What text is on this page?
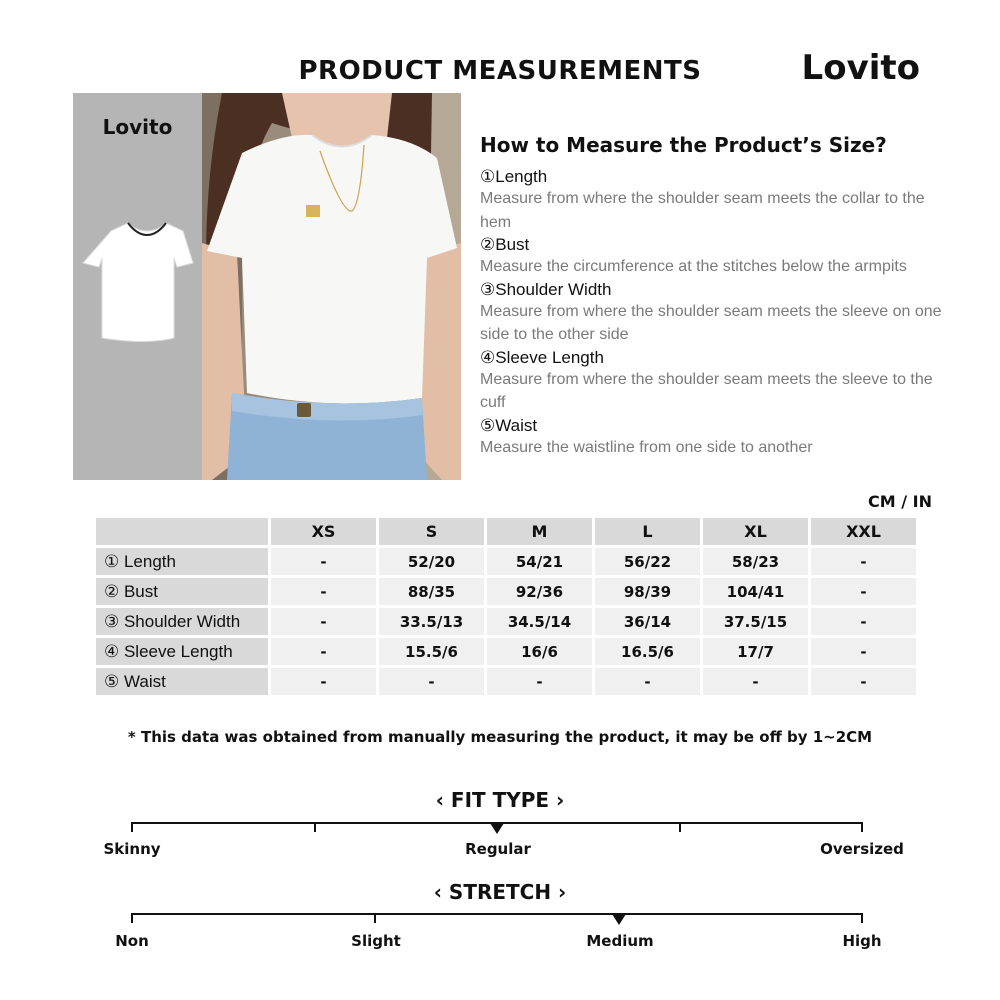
PRODUCT MEASUREMENTS	Lovito
Lovito
How to Measure the Product’s Size?
①Length
Measure from where the shoulder seam meets the collar to the hem
②Bust
Measure the circumference at the stitches below the armpits
③Shoulder Width
Measure from where the shoulder seam meets the sleeve on one side to the other side
④Sleeve Length
Measure from where the shoulder seam meets the sleeve to the cuff
⑤Waist
Measure the waistline from one side to another
CM / IN
	XS	S	M	L	XL	XXL
① Length	-	52/20	54/21	56/22	58/23	-
② Bust	-	88/35	92/36	98/39	104/41	-
③ Shoulder Width	-	33.5/13	34.5/14	36/14	37.5/15	-
④ Sleeve Length	-	15.5/6	16/6	16.5/6	17/7	-
⑤ Waist	-	-	-	-	-	-
* This data was obtained from manually measuring the product, it may be off by 1~2CM
‹ FIT TYPE ›
Skinny	Regular	Oversized
‹ STRETCH ›
Non	Slight	Medium	High
